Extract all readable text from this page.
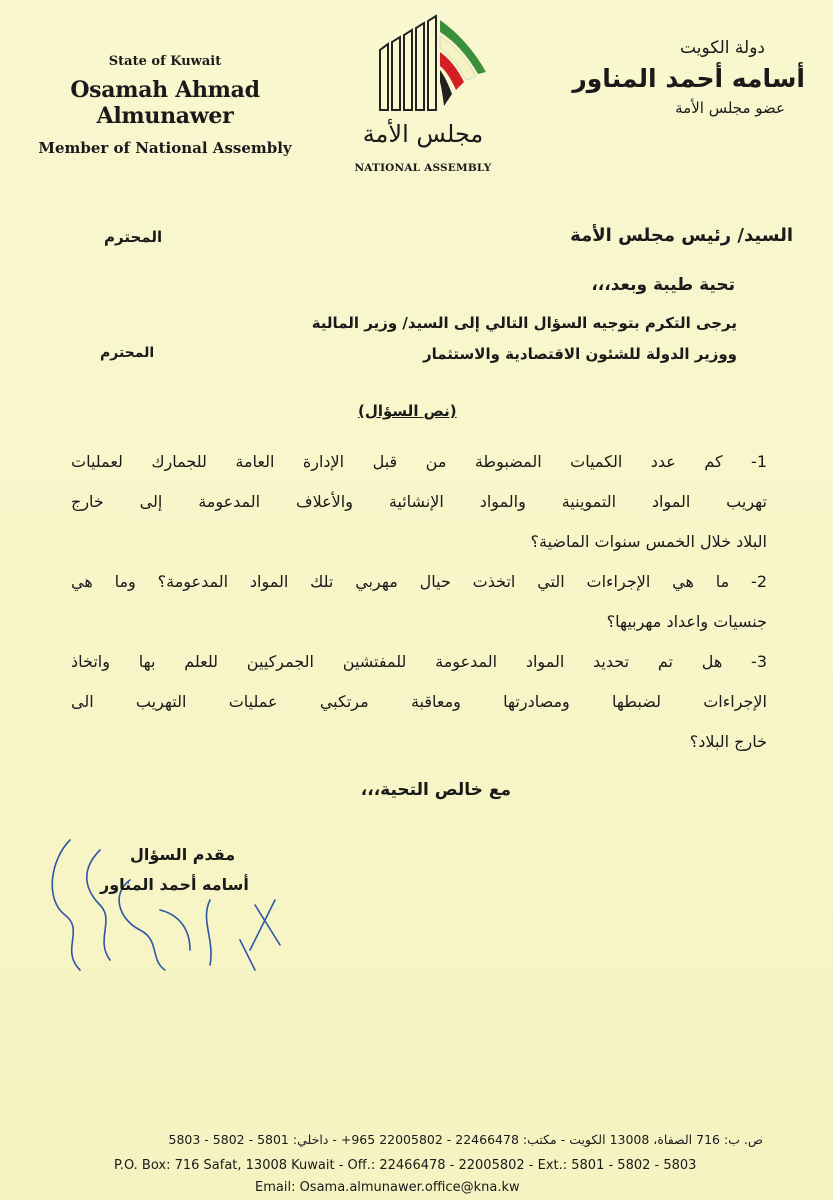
State of Kuwait
Osamah Ahmad Almunawer
Member of National Assembly	مجلس الأمة
NATIONAL ASSEMBLY
دولة الكويت
أسامه أحمد المناور
عضو مجلس الأمة
السيد/ رئيس مجلس الأمة
المحترم
تحية طيبة وبعد،،،
يرجى التكرم بتوجيه السؤال التالي إلى السيد/ وزير المالية
ووزير الدولة للشئون الاقتصادية والاستثمار
المحترم
(نص السؤال)
1- كم عدد الكميات المضبوطة من قبل الإدارة العامة للجمارك لعمليات
تهريب المواد التموينية والمواد الإنشائية والأعلاف المدعومة إلى خارج
البلاد خلال الخمس سنوات الماضية؟
2- ما هي الإجراءات التي اتخذت حيال مهربي تلك المواد المدعومة؟ وما هي
جنسيات واعداد مهربيها؟
3- هل تم تحديد المواد المدعومة للمفتشين الجمركيين للعلم بها واتخاذ
الإجراءات لضبطها ومصادرتها ومعاقبة مرتكبي عمليات التهريب الى
خارج البلاد؟
مع خالص التحية،،،
مقدم السؤال
أسامه أحمد المناور
ص. ب: 716 الصفاة، 13008 الكويت - مكتب: 22466478 - 22005802 965+ - داخلي: 5801 - 5802 - 5803
P.O. Box: 716 Safat, 13008 Kuwait - Off.: 22466478 - 22005802 - Ext.: 5801 - 5802 - 5803
Email: Osama.almunawer.office@kna.kw
